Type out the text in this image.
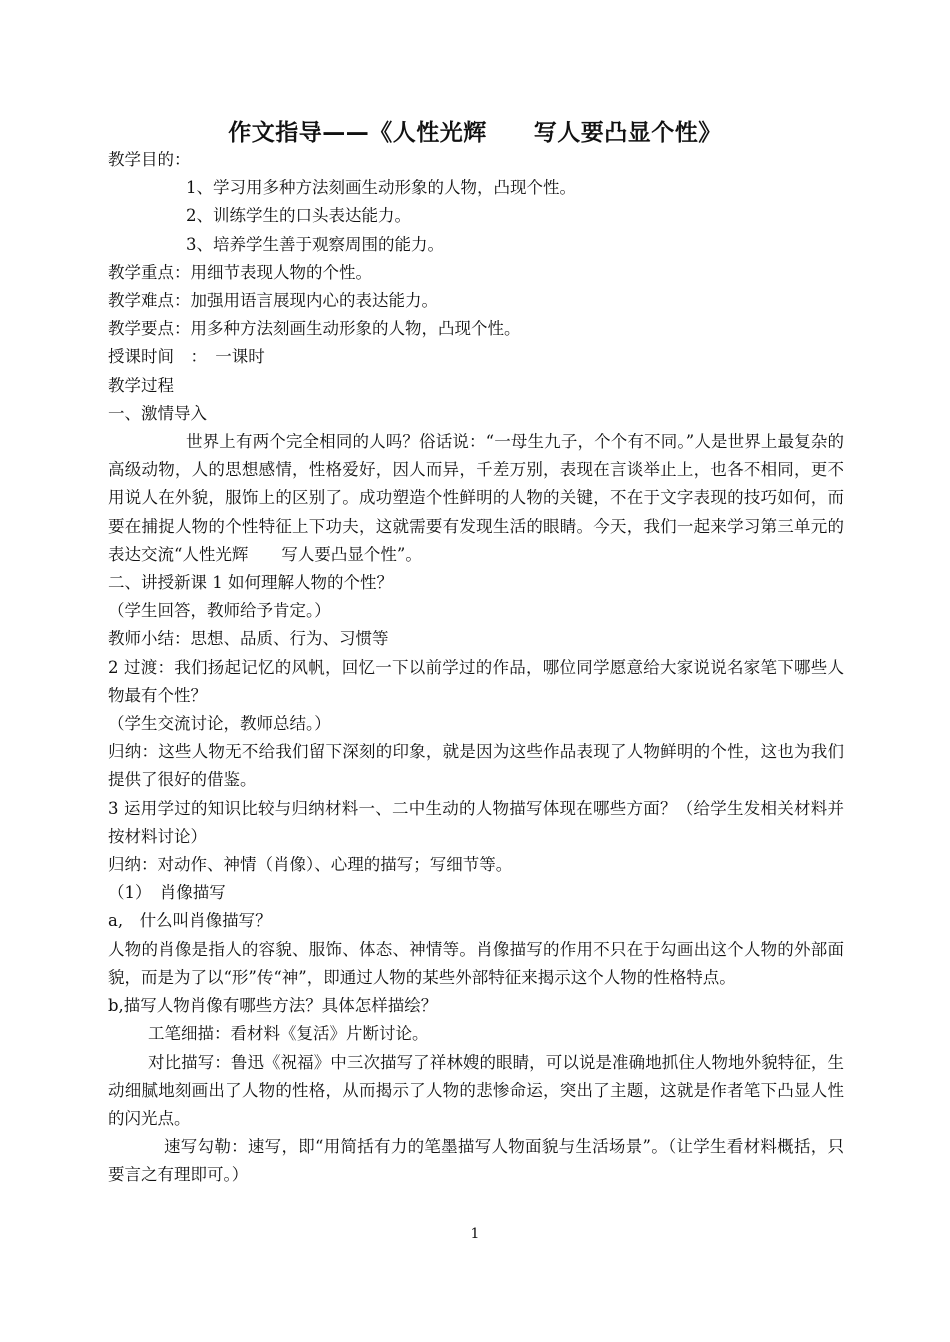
作文指导——《人性光辉　　写人要凸显个性》

教学目的：

1、学习用多种方法刻画生动形象的人物，凸现个性。

2、训练学生的口头表达能力。

3、培养学生善于观察周围的能力。

教学重点：用细节表现人物的个性。

教学难点：加强用语言展现内心的表达能力。

教学要点：用多种方法刻画生动形象的人物，凸现个性。

授课时间　：　一课时

教学过程

一、激情导入

世界上有两个完全相同的人吗？俗话说：“一母生九子，个个有不同。”人是世界上最复杂的高级动物，人的思想感情，性格爱好，因人而异，千差万别，表现在言谈举止上，也各不相同，更不用说人在外貌，服饰上的区别了。成功塑造个性鲜明的人物的关键，不在于文字表现的技巧如何，而要在捕捉人物的个性特征上下功夫，这就需要有发现生活的眼睛。今天，我们一起来学习第三单元的表达交流“人性光辉　　写人要凸显个性”。

二、讲授新课 1 如何理解人物的个性？

（学生回答，教师给予肯定。）

教师小结：思想、品质、行为、习惯等

2 过渡：我们扬起记忆的风帆，回忆一下以前学过的作品，哪位同学愿意给大家说说名家笔下哪些人物最有个性？

（学生交流讨论，教师总结。）

归纳：这些人物无不给我们留下深刻的印象，就是因为这些作品表现了人物鲜明的个性，这也为我们提供了很好的借鉴。

3 运用学过的知识比较与归纳材料一、二中生动的人物描写体现在哪些方面？（给学生发相关材料并按材料讨论）

归纳：对动作、神情（肖像）、心理的描写；写细节等。

（1）　肖像描写

a,　什么叫肖像描写？

人物的肖像是指人的容貌、服饰、体态、神情等。肖像描写的作用不只在于勾画出这个人物的外部面貌，而是为了以“形”传“神”，即通过人物的某些外部特征来揭示这个人物的性格特点。

b,描写人物肖像有哪些方法？具体怎样描绘？

工笔细描：看材料《复活》片断讨论。

对比描写：鲁迅《祝福》中三次描写了祥林嫂的眼睛，可以说是准确地抓住人物地外貌特征，生动细腻地刻画出了人物的性格，从而揭示了人物的悲惨命运，突出了主题，这就是作者笔下凸显人性的闪光点。

速写勾勒：速写，即“用简括有力的笔墨描写人物面貌与生活场景”。（让学生看材料概括，只要言之有理即可。）

1
